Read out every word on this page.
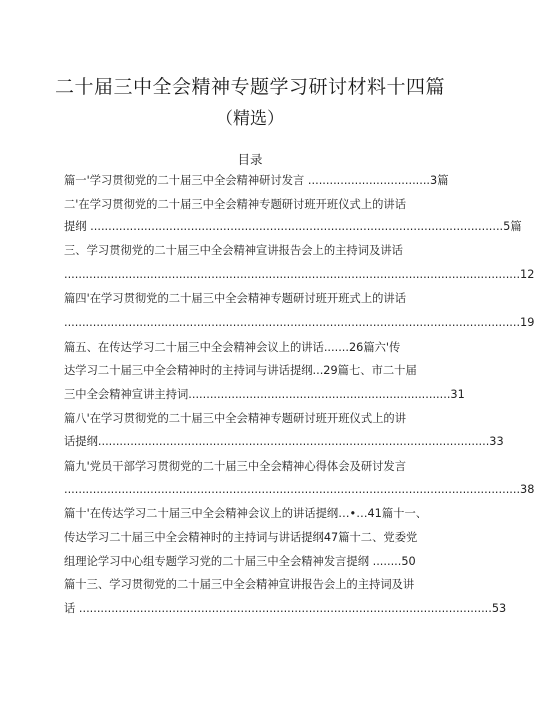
二十届三中全会精神专题学习研讨材料十四篇
（精选）
目录
篇一'学习贯彻党的二十届三中全会精神研讨发言 ..................................3篇
二'在学习贯彻党的二十届三中全会精神专题研讨班开班仪式上的讲话
提纲 ...................................................................................................................5篇
三、学习贯彻党的二十届三中全会精神宣讲报告会上的主持词及讲话
...............................................................................................................................12
篇四'在学习贯彻党的二十届三中全会精神专题研讨班开班式上的讲话
...............................................................................................................................19
篇五、在传达学习二十届三中全会精神会议上的讲话.......26篇六'传
达学习二十届三中全会精神时的主持词与讲话提纲...29篇七、市二十届
三中全会精神宣讲主持词.........................................................................31
篇八'在学习贯彻党的二十届三中全会精神专题研讨班开班仪式上的讲
话提纲.............................................................................................................33
篇九'党员干部学习贯彻党的二十届三中全会精神心得体会及研讨发言
...............................................................................................................................38
篇十'在传达学习二十届三中全会精神会议上的讲话提纲…•…41篇十一、
传达学习二十届三中全会精神时的主持词与讲话提纲47篇十二、党委党
组理论学习中心组专题学习党的二十届三中全会精神发言提纲 ........50
篇十三、学习贯彻党的二十届三中全会精神宣讲报告会上的主持词及讲
话 ...................................................................................................................53
